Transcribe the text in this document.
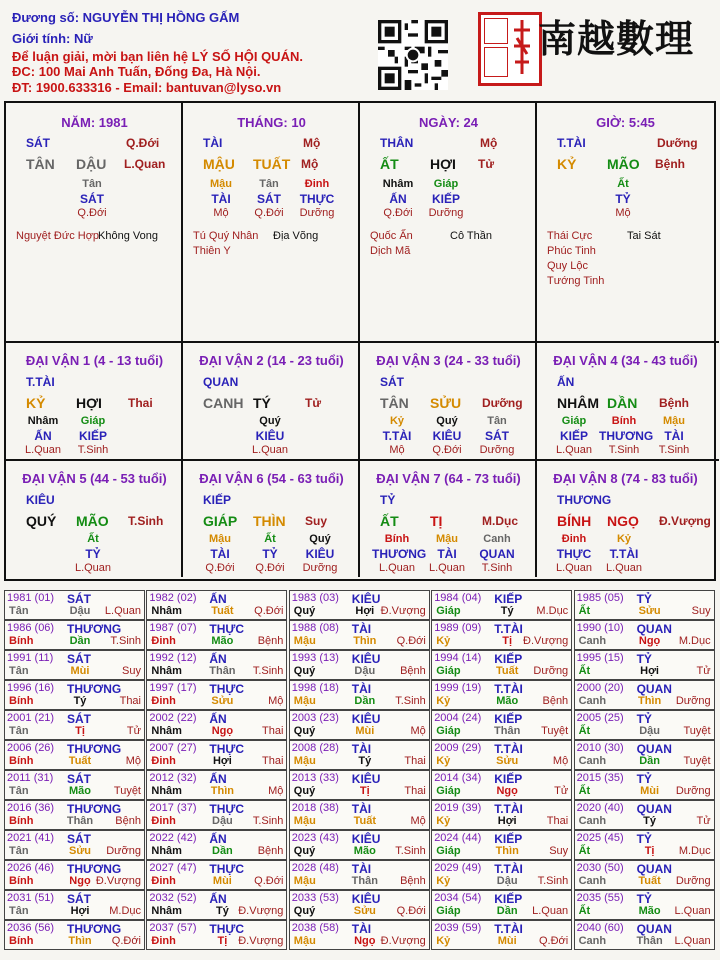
Đương số: NGUYỄN THỊ HỒNG GẤM
Giới tính: Nữ
Để luận giải, mời bạn liên hệ LÝ SỐ HỘI QUÁN.
ĐC: 100 Mai Anh Tuấn, Đống Đa, Hà Nội.
ĐT: 1900.633316 - Email: bantuvan@lyso.vn
南越數理
NĂM: 1981
SÁT	Q.Đới
TÂN DẬU L.Quan
Tân
SÁT
Q.Đới
Nguyệt Đức Hợp
Không Vong
THÁNG: 10
TÀI	Mộ
MẬU TUẤT Mộ
Mậu
TÀI
Mộ
Tân
SÁT
Q.Đới
Đinh
THỰC
Dưỡng
Tú Quý Nhân
Thiên Y
Địa Võng
NGÀY: 24
THÂN	Mộ
ẤT HỢI Tử
Nhâm
ẤN
Q.Đới
Giáp
KIẾP
Dưỡng
Quốc Ấn
Dịch Mã
Cô Thần
GIỜ: 5:45
T.TÀI	Dưỡng
KỶ MÃO Bệnh
Ất
TỶ
Mộ
Thái Cực
Phúc Tinh
Quy Lộc
Tướng Tinh
Tai Sát
ĐẠI VẬN 1 (4 - 13 tuổi)
T.TÀI
KỶ HỢI Thai
Nhâm
ẤN
L.Quan
Giáp
KIẾP
T.Sinh
ĐẠI VẬN 2 (14 - 23 tuổi)
QUAN
CANH TÝ	Tử
Quý
KIÊU
L.Quan
ĐẠI VẬN 3 (24 - 33 tuổi)
SÁT
TÂN SỬU Dưỡng
Kỷ
T.TÀI
Mộ
Quý
KIÊU
Q.Đới
Tân
SÁT
Dưỡng
ĐẠI VẬN 4 (34 - 43 tuổi)
ẤN
NHÂM DẦN Bệnh
Giáp
KIẾP
L.Quan
Bính
THƯƠNG
T.Sinh
Mậu
TÀI
T.Sinh
ĐẠI VẬN 5 (44 - 53 tuổi)
KIÊU
QUÝ MÃO T.Sinh
Ất
TỶ
L.Quan
ĐẠI VẬN 6 (54 - 63 tuổi)
KIẾP
GIÁP THÌN Suy
Mậu
TÀI
Q.Đới
Ất
TỶ
Q.Đới
Quý
KIÊU
Dưỡng
ĐẠI VẬN 7 (64 - 73 tuổi)
TỶ
ẤT TỊ	M.Dục
Bính
THƯƠNG
L.Quan
Mậu
TÀI
L.Quan
Canh
QUAN
T.Sinh
ĐẠI VẬN 8 (74 - 83 tuổi)
THƯƠNG
BÍNH NGỌ Đ.Vượng
Đinh
THỰC
L.Quan
Kỷ
T.TÀI
L.Quan
1981 (01) SÁT
Tân	Dậu	L.Quan
1982 (02) ẤN
Nhâm	Tuất	Q.Đới
1983 (03) KIÊU
Quý	Hợi Đ.Vượng
1984 (04) KIẾP
Giáp	Tý	M.Dục
1985 (05) TỶ
Ất	Sửu	Suy
1986 (06) THƯƠNG
Bính	Dần	T.Sinh
1987 (07) THỰC
Đinh	Mão	Bệnh
1988 (08) TÀI
Mậu	Thìn	Q.Đới
1989 (09) T.TÀI
Kỷ	Tị Đ.Vượng
1990 (10) QUAN
Canh	Ngọ	M.Dục
1991 (11) SÁT
Tân	Mùi	Suy
1992 (12) ẤN
Nhâm	Thân	T.Sinh
1993 (13) KIÊU
Quý	Dậu	Bệnh
1994 (14) KIẾP
Giáp	Tuất	Dưỡng
1995 (15) TỶ
Ất	Hợi	Tử
1996 (16) THƯƠNG
Bính	Tý	Thai
1997 (17) THỰC
Đinh	Sửu	Mộ
1998 (18) TÀI
Mậu	Dần	T.Sinh
1999 (19) T.TÀI
Kỷ	Mão	Bệnh
2000 (20) QUAN
Canh	Thìn	Dưỡng
2001 (21) SÁT
Tân	Tị	Tử
2002 (22) ẤN
Nhâm	Ngọ	Thai
2003 (23) KIÊU
Quý	Mùi	Mộ
2004 (24) KIẾP
Giáp	Thân	Tuyệt
2005 (25) TỶ
Ất	Dậu	Tuyệt
2006 (26) THƯƠNG
Bính	Tuất	Mộ
2007 (27) THỰC
Đinh	Hợi	Thai
2008 (28) TÀI
Mậu	Tý	Thai
2009 (29) T.TÀI
Kỷ	Sửu	Mộ
2010 (30) QUAN
Canh	Dần	Tuyệt
2011 (31) SÁT
Tân	Mão	Tuyệt
2012 (32) ẤN
Nhâm	Thìn	Mộ
2013 (33) KIÊU
Quý	Tị	Thai
2014 (34) KIẾP
Giáp	Ngọ	Tử
2015 (35) TỶ
Ất	Mùi	Dưỡng
2016 (36) THƯƠNG
Bính	Thân	Bệnh
2017 (37) THỰC
Đinh	Dậu	T.Sinh
2018 (38) TÀI
Mậu	Tuất	Mộ
2019 (39) T.TÀI
Kỷ	Hợi	Thai
2020 (40) QUAN
Canh	Tý	Tử
2021 (41) SÁT
Tân	Sửu	Dưỡng
2022 (42) ẤN
Nhâm	Dần	Bệnh
2023 (43) KIÊU
Quý	Mão	T.Sinh
2024 (44) KIẾP
Giáp	Thìn	Suy
2025 (45) TỶ
Ất	Tị	M.Dục
2026 (46) THƯƠNG
Bính	Ngọ Đ.Vượng
2027 (47) THỰC
Đinh	Mùi	Q.Đới
2028 (48) TÀI
Mậu	Thân	Bệnh
2029 (49) T.TÀI
Kỷ	Dậu	T.Sinh
2030 (50) QUAN
Canh	Tuất	Dưỡng
2031 (51) SÁT
Tân	Hợi	M.Dục
2032 (52) ẤN
Nhâm	Tý Đ.Vượng
2033 (53) KIÊU
Quý	Sửu	Q.Đới
2034 (54) KIẾP
Giáp	Dần	L.Quan
2035 (55) TỶ
Ất	Mão	L.Quan
2036 (56) THƯƠNG
Bính	Thìn	Q.Đới
2037 (57) THỰC
Đinh	Tị Đ.Vượng
2038 (58) TÀI
Mậu	Ngọ Đ.Vượng
2039 (59) T.TÀI
Kỷ	Mùi	Q.Đới
2040 (60) QUAN
Canh	Thân	L.Quan
